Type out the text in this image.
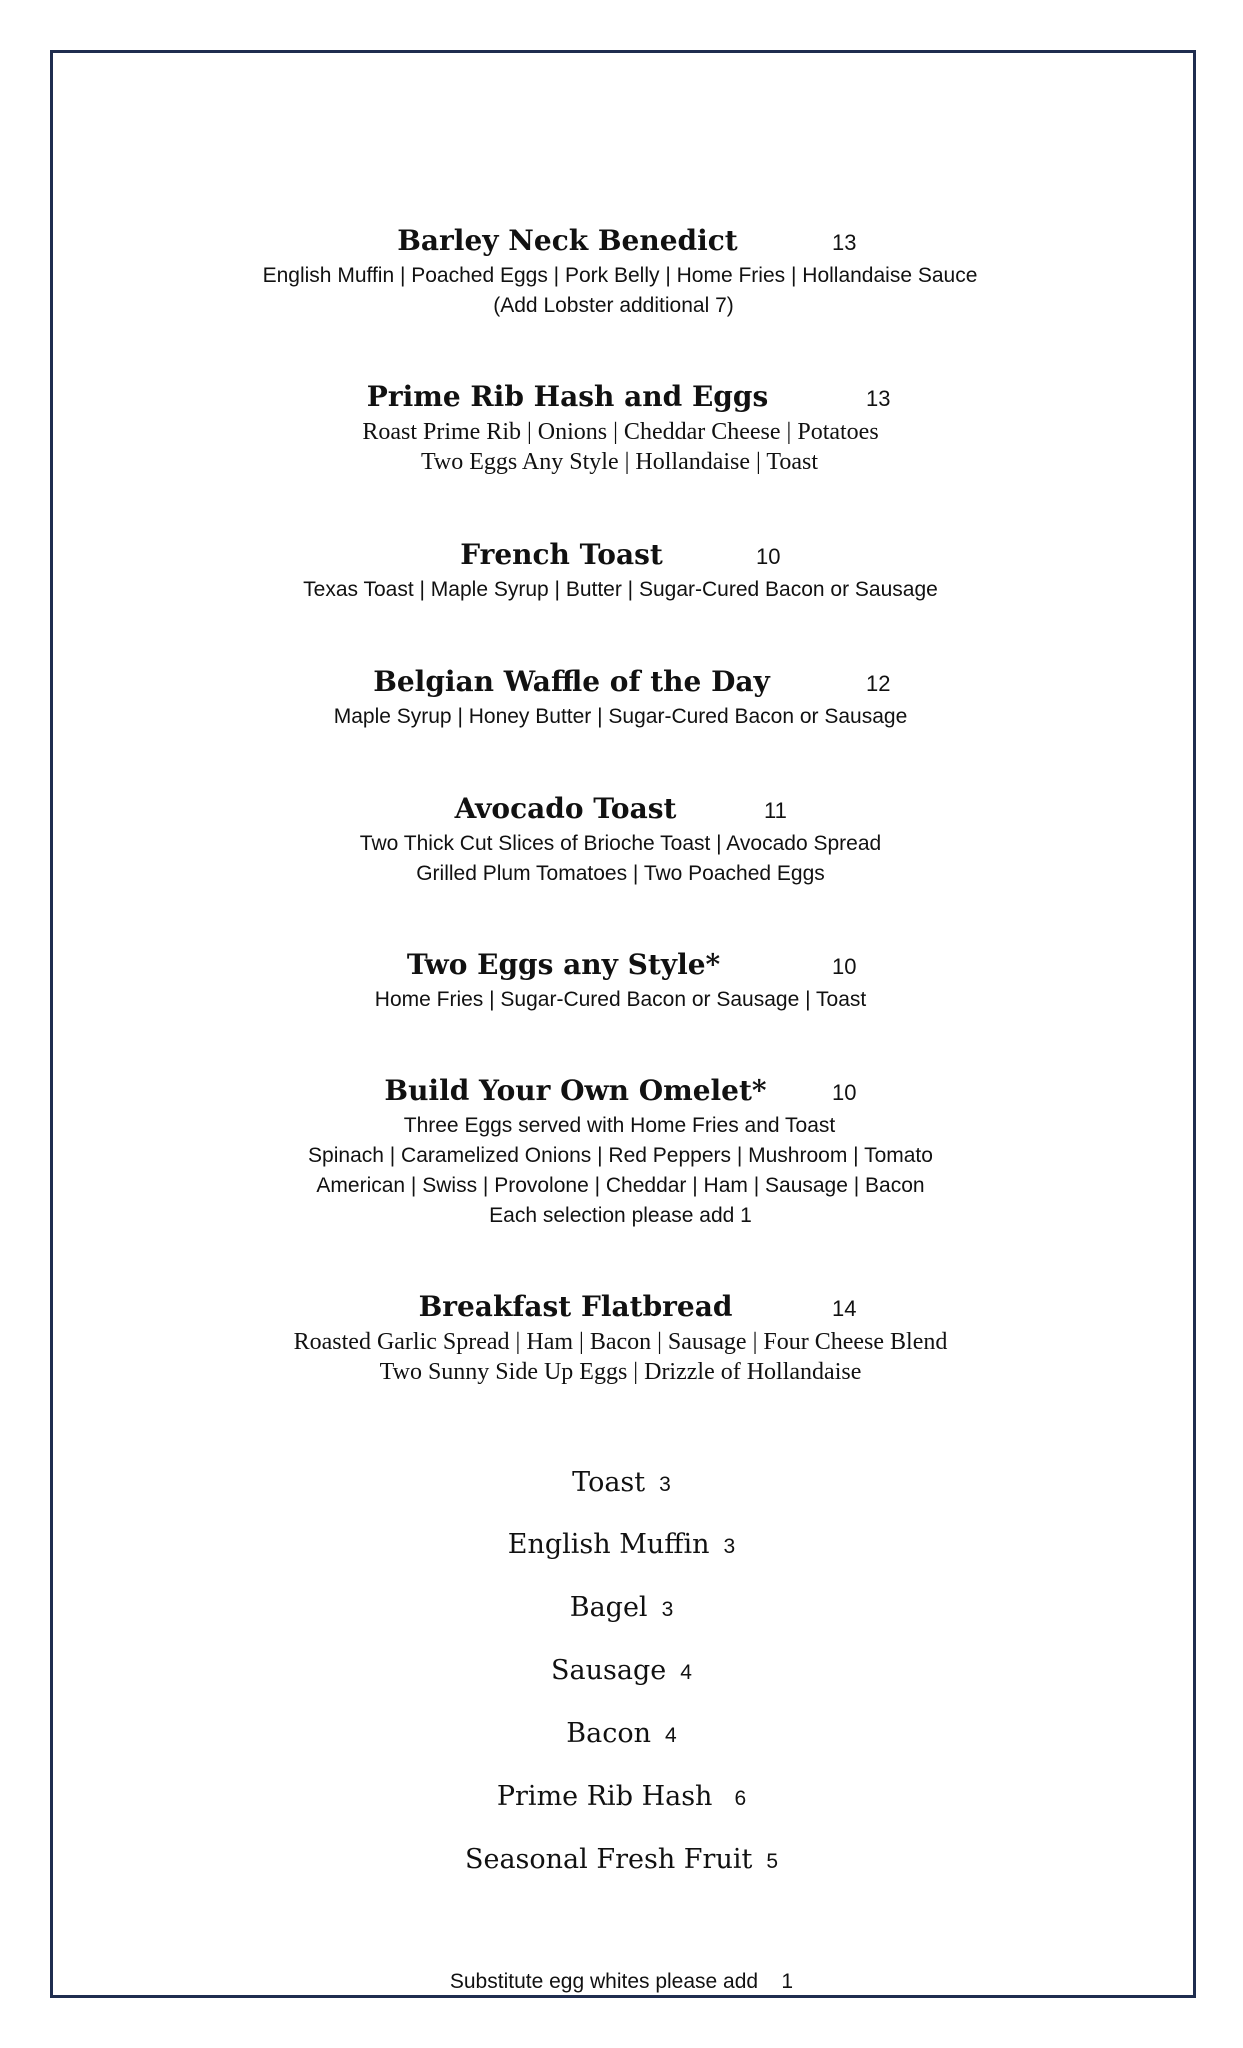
Barley Neck Benedict	13
English Muffin | Poached Eggs | Pork Belly | Home Fries | Hollandaise Sauce
(Add Lobster additional 7)
Prime Rib Hash and Eggs	13
Roast Prime Rib | Onions | Cheddar Cheese | Potatoes
Two Eggs Any Style | Hollandaise | Toast
French Toast	10
Texas Toast | Maple Syrup | Butter | Sugar-Cured Bacon or Sausage
Belgian Waffle of the Day	12
Maple Syrup | Honey Butter | Sugar-Cured Bacon or Sausage
Avocado Toast	11
Two Thick Cut Slices of Brioche Toast | Avocado Spread
Grilled Plum Tomatoes | Two Poached Eggs
Two Eggs any Style*	10
Home Fries | Sugar-Cured Bacon or Sausage | Toast
Build Your Own Omelet*	10
Three Eggs served with Home Fries and Toast
Spinach | Caramelized Onions | Red Peppers | Mushroom | Tomato
American | Swiss | Provolone | Cheddar | Ham | Sausage | Bacon
Each selection please add 1
Breakfast Flatbread	14
Roasted Garlic Spread | Ham | Bacon | Sausage | Four Cheese Blend
Two Sunny Side Up Eggs | Drizzle of Hollandaise
Toast 3
English Muffin 3
Bagel 3
Sausage 4
Bacon 4
Prime Rib Hash 6
Seasonal Fresh Fruit 5
Substitute egg whites please add    1
